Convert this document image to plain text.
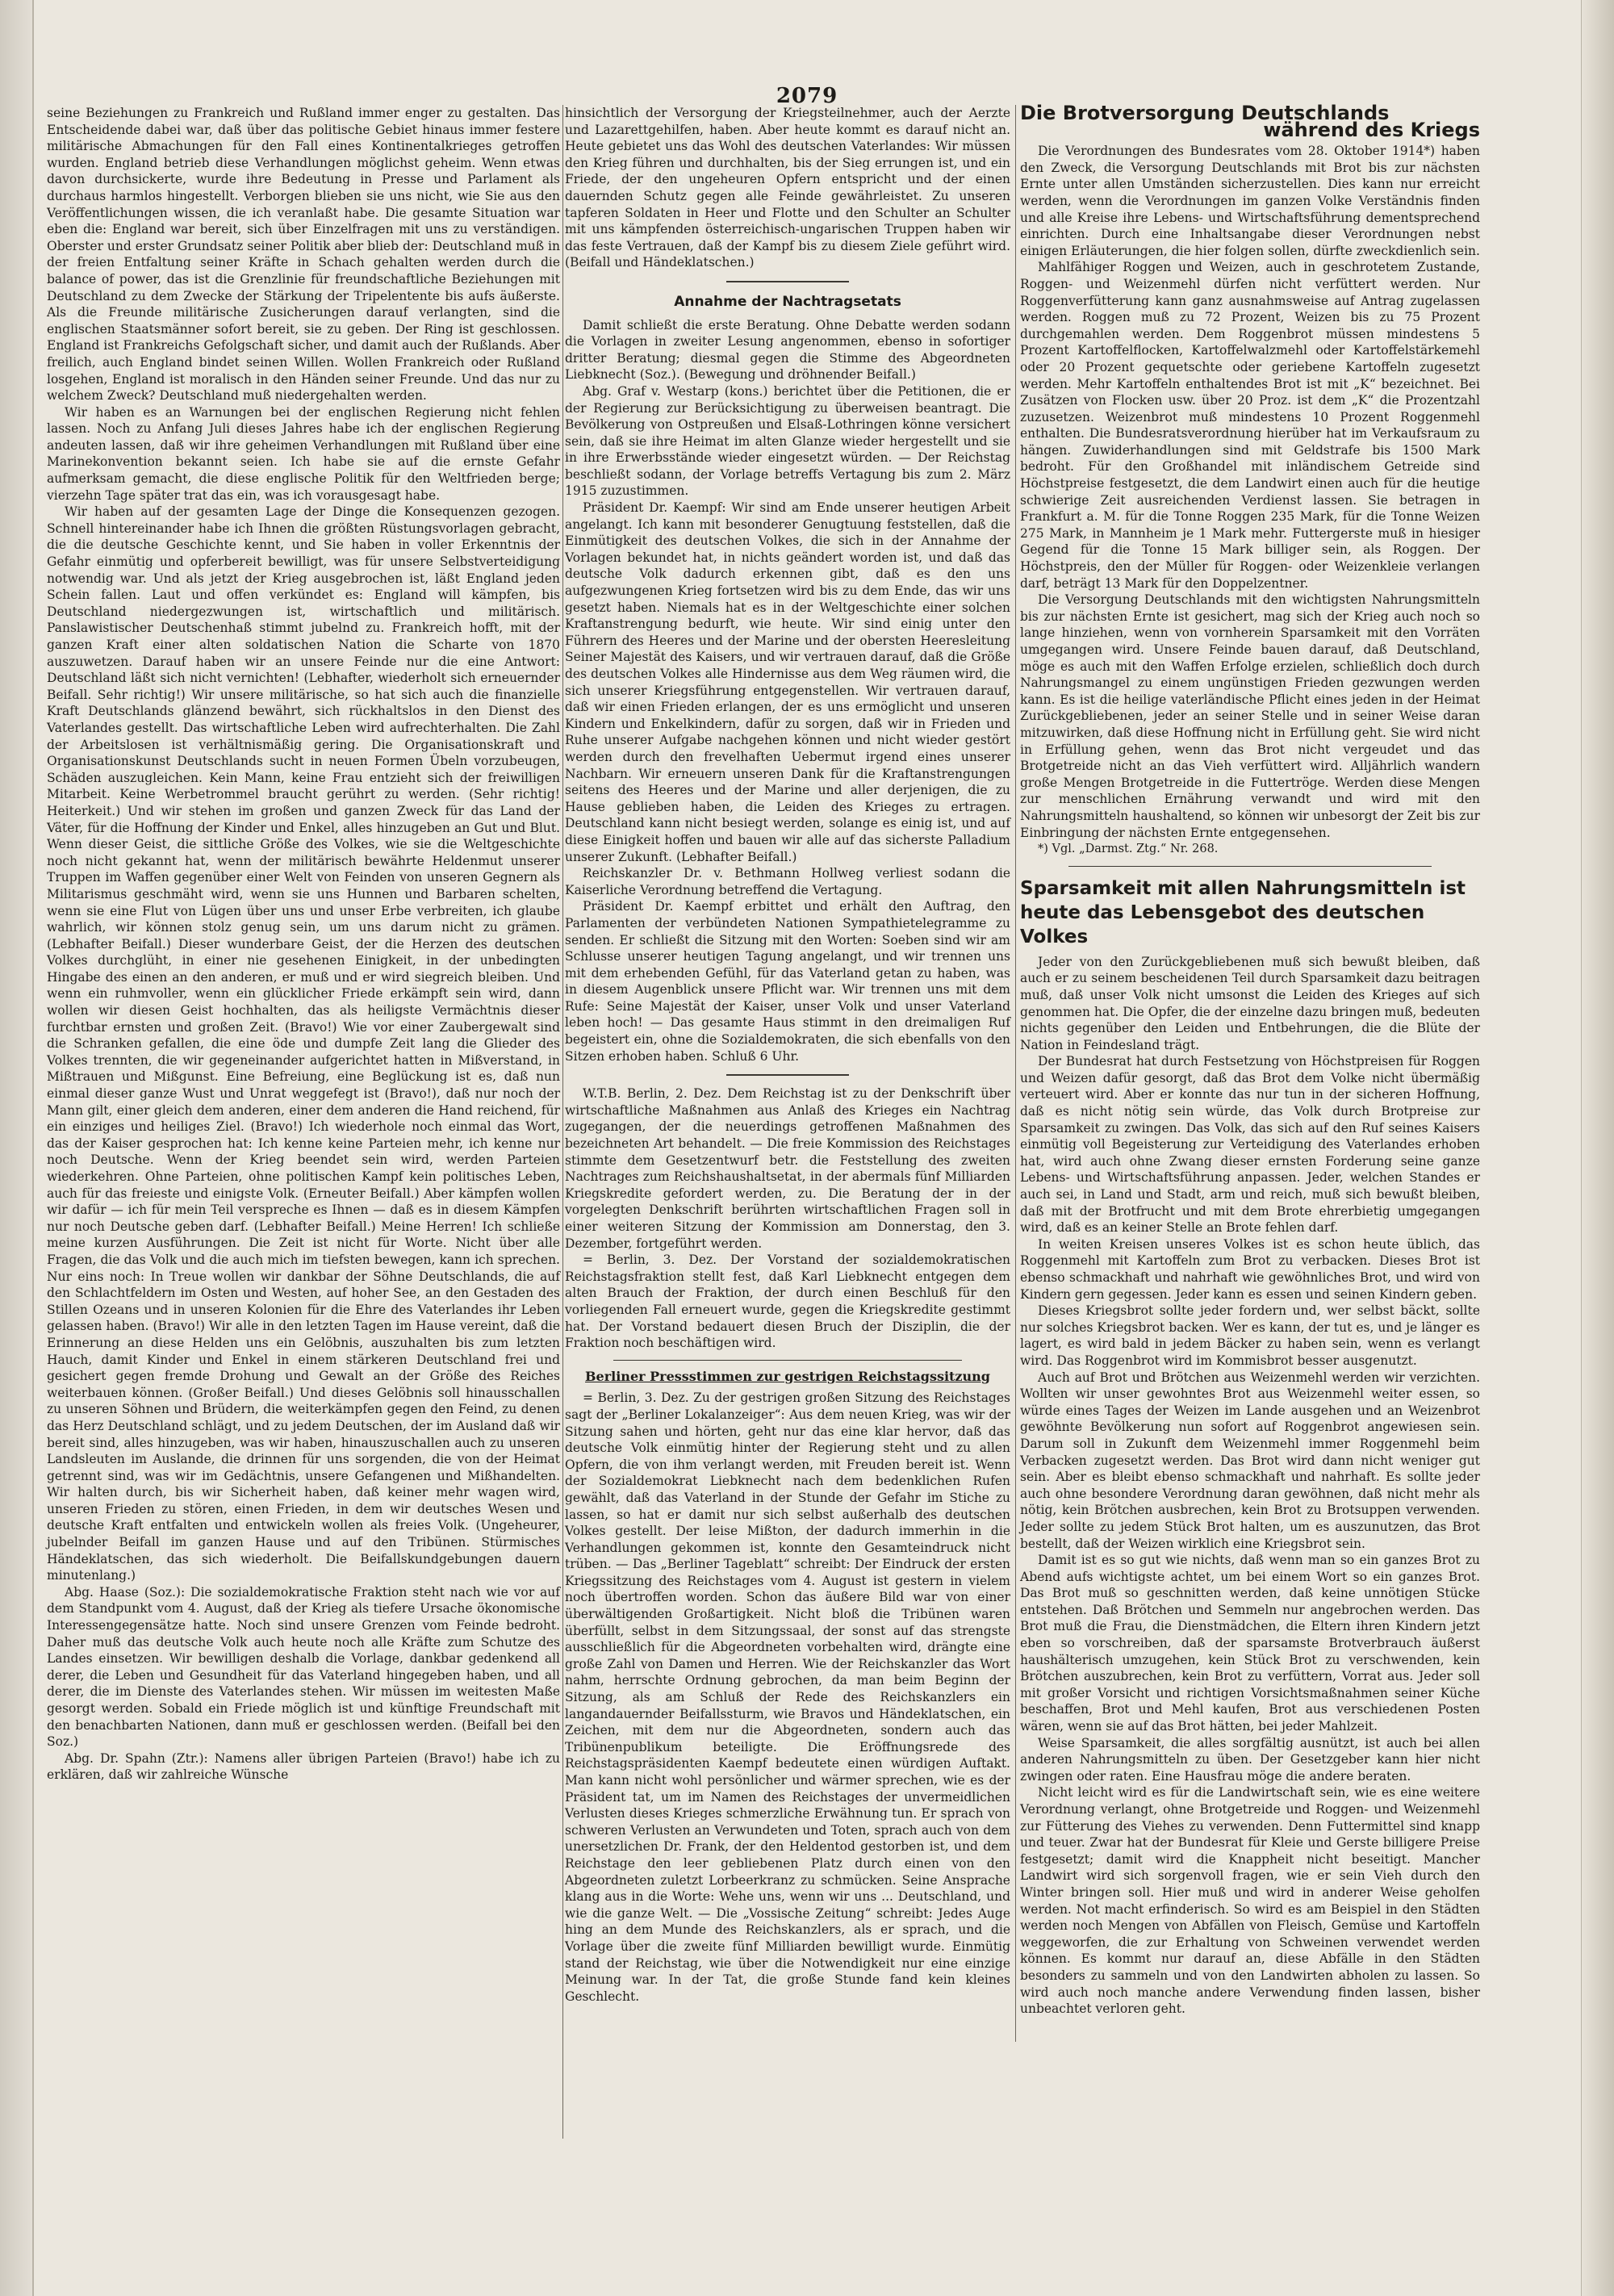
2079

seine Beziehungen zu Frankreich und Rußland immer enger zu gestalten. Das Entscheidende dabei war, daß über das politische Gebiet hinaus immer festere militärische Abmachungen für den Fall eines Kontinentalkrieges getroffen wurden. England betrieb diese Verhandlungen möglichst geheim. Wenn etwas davon durchsickerte, wurde ihre Bedeutung in Presse und Parlament als durchaus harmlos hingestellt. Verborgen blieben sie uns nicht, wie Sie aus den Veröffentlichungen wissen, die ich veranlaßt habe. Die gesamte Situation war eben die: England war bereit, sich über Einzelfragen mit uns zu verständigen. Oberster und erster Grundsatz seiner Politik aber blieb der: Deutschland muß in der freien Entfaltung seiner Kräfte in Schach gehalten werden durch die balance of power, das ist die Grenzlinie für freundschaftliche Beziehungen mit Deutschland zu dem Zwecke der Stärkung der Tripelentente bis aufs äußerste. Als die Freunde militärische Zusicherungen darauf verlangten, sind die englischen Staatsmänner sofort bereit, sie zu geben. Der Ring ist geschlossen. England ist Frankreichs Gefolgschaft sicher, und damit auch der Rußlands. Aber freilich, auch England bindet seinen Willen. Wollen Frankreich oder Rußland losgehen, England ist moralisch in den Händen seiner Freunde. Und das nur zu welchem Zweck? Deutschland muß niedergehalten werden.

Wir haben es an Warnungen bei der englischen Regierung nicht fehlen lassen. Noch zu Anfang Juli dieses Jahres habe ich der englischen Regierung andeuten lassen, daß wir ihre geheimen Verhandlungen mit Rußland über eine Marinekonvention bekannt seien. Ich habe sie auf die ernste Gefahr aufmerksam gemacht, die diese englische Politik für den Weltfrieden berge; vierzehn Tage später trat das ein, was ich vorausgesagt habe.

Wir haben auf der gesamten Lage der Dinge die Konsequenzen gezogen. Schnell hintereinander habe ich Ihnen die größten Rüstungsvorlagen gebracht, die die deutsche Geschichte kennt, und Sie haben in voller Erkenntnis der Gefahr einmütig und opferbereit bewilligt, was für unsere Selbstverteidigung notwendig war. Und als jetzt der Krieg ausgebrochen ist, läßt England jeden Schein fallen. Laut und offen verkündet es: England will kämpfen, bis Deutschland niedergezwungen ist, wirtschaftlich und militärisch. Panslawistischer Deutschenhaß stimmt jubelnd zu. Frankreich hofft, mit der ganzen Kraft einer alten soldatischen Nation die Scharte von 1870 auszuwetzen. Darauf haben wir an unsere Feinde nur die eine Antwort: Deutschland läßt sich nicht vernichten! (Lebhafter, wiederholt sich erneuernder Beifall. Sehr richtig!) Wir unsere militärische, so hat sich auch die finanzielle Kraft Deutschlands glänzend bewährt, sich rückhaltslos in den Dienst des Vaterlandes gestellt. Das wirtschaftliche Leben wird aufrechterhalten. Die Zahl der Arbeitslosen ist verhältnismäßig gering. Die Organisationskraft und Organisationskunst Deutschlands sucht in neuen Formen Übeln vorzubeugen, Schäden auszugleichen. Kein Mann, keine Frau entzieht sich der freiwilligen Mitarbeit. Keine Werbetrommel braucht gerührt zu werden. (Sehr richtig! Heiterkeit.) Und wir stehen im großen und ganzen Zweck für das Land der Väter, für die Hoffnung der Kinder und Enkel, alles hinzugeben an Gut und Blut. Wenn dieser Geist, die sittliche Größe des Volkes, wie sie die Weltgeschichte noch nicht gekannt hat, wenn der militärisch bewährte Heldenmut unserer Truppen im Waffen gegenüber einer Welt von Feinden von unseren Gegnern als Militarismus geschmäht wird, wenn sie uns Hunnen und Barbaren schelten, wenn sie eine Flut von Lügen über uns und unser Erbe verbreiten, ich glaube wahrlich, wir können stolz genug sein, um uns darum nicht zu grämen. (Lebhafter Beifall.) Dieser wunderbare Geist, der die Herzen des deutschen Volkes durchglüht, in einer nie gesehenen Einigkeit, in der unbedingten Hingabe des einen an den anderen, er muß und er wird siegreich bleiben. Und wenn ein ruhmvoller, wenn ein glücklicher Friede erkämpft sein wird, dann wollen wir diesen Geist hochhalten, das als heiligste Vermächtnis dieser furchtbar ernsten und großen Zeit. (Bravo!) Wie vor einer Zaubergewalt sind die Schranken gefallen, die eine öde und dumpfe Zeit lang die Glieder des Volkes trennten, die wir gegeneinander aufgerichtet hatten in Mißverstand, in Mißtrauen und Mißgunst. Eine Befreiung, eine Beglückung ist es, daß nun einmal dieser ganze Wust und Unrat weggefegt ist (Bravo!), daß nur noch der Mann gilt, einer gleich dem anderen, einer dem anderen die Hand reichend, für ein einziges und heiliges Ziel. (Bravo!) Ich wiederhole noch einmal das Wort, das der Kaiser gesprochen hat: Ich kenne keine Parteien mehr, ich kenne nur noch Deutsche. Wenn der Krieg beendet sein wird, werden Parteien wiederkehren. Ohne Parteien, ohne politischen Kampf kein politisches Leben, auch für das freieste und einigste Volk. (Erneuter Beifall.) Aber kämpfen wollen wir dafür — ich für mein Teil verspreche es Ihnen — daß es in diesem Kämpfen nur noch Deutsche geben darf. (Lebhafter Beifall.) Meine Herren! Ich schließe meine kurzen Ausführungen. Die Zeit ist nicht für Worte. Nicht über alle Fragen, die das Volk und die auch mich im tiefsten bewegen, kann ich sprechen. Nur eins noch: In Treue wollen wir dankbar der Söhne Deutschlands, die auf den Schlachtfeldern im Osten und Westen, auf hoher See, an den Gestaden des Stillen Ozeans und in unseren Kolonien für die Ehre des Vaterlandes ihr Leben gelassen haben. (Bravo!) Wir alle in den letzten Tagen im Hause vereint, daß die Erinnerung an diese Helden uns ein Gelöbnis, auszuhalten bis zum letzten Hauch, damit Kinder und Enkel in einem stärkeren Deutschland frei und gesichert gegen fremde Drohung und Gewalt an der Größe des Reiches weiterbauen können. (Großer Beifall.) Und dieses Gelöbnis soll hinausschallen zu unseren Söhnen und Brüdern, die weiterkämpfen gegen den Feind, zu denen das Herz Deutschland schlägt, und zu jedem Deutschen, der im Ausland daß wir bereit sind, alles hinzugeben, was wir haben, hinauszuschallen auch zu unseren Landsleuten im Auslande, die drinnen für uns sorgenden, die von der Heimat getrennt sind, was wir im Gedächtnis, unsere Gefangenen und Mißhandelten. Wir halten durch, bis wir Sicherheit haben, daß keiner mehr wagen wird, unseren Frieden zu stören, einen Frieden, in dem wir deutsches Wesen und deutsche Kraft entfalten und entwickeln wollen als freies Volk. (Ungeheurer, jubelnder Beifall im ganzen Hause und auf den Tribünen. Stürmisches Händeklatschen, das sich wiederholt. Die Beifallskundgebungen dauern minutenlang.)

Abg. Haase (Soz.): Die sozialdemokratische Fraktion steht nach wie vor auf dem Standpunkt vom 4. August, daß der Krieg als tiefere Ursache ökonomische Interessengegensätze hatte. Noch sind unsere Grenzen vom Feinde bedroht. Daher muß das deutsche Volk auch heute noch alle Kräfte zum Schutze des Landes einsetzen. Wir bewilligen deshalb die Vorlage, dankbar gedenkend all derer, die Leben und Gesundheit für das Vaterland hingegeben haben, und all derer, die im Dienste des Vaterlandes stehen. Wir müssen im weitesten Maße gesorgt werden. Sobald ein Friede möglich ist und künftige Freundschaft mit den benachbarten Nationen, dann muß er geschlossen werden. (Beifall bei den Soz.)

Abg. Dr. Spahn (Ztr.): Namens aller übrigen Parteien (Bravo!) habe ich zu erklären, daß wir zahlreiche Wünsche

hinsichtlich der Versorgung der Kriegsteilnehmer, auch der Aerzte und Lazarettgehilfen, haben. Aber heute kommt es darauf nicht an. Heute gebietet uns das Wohl des deutschen Vaterlandes: Wir müssen den Krieg führen und durchhalten, bis der Sieg errungen ist, und ein Friede, der den ungeheuren Opfern entspricht und der einen dauernden Schutz gegen alle Feinde gewährleistet. Zu unseren tapferen Soldaten in Heer und Flotte und den Schulter an Schulter mit uns kämpfenden österreichisch-ungarischen Truppen haben wir das feste Vertrauen, daß der Kampf bis zu diesem Ziele geführt wird. (Beifall und Händeklatschen.)

Annahme der Nachtragsetats

Damit schließt die erste Beratung. Ohne Debatte werden sodann die Vorlagen in zweiter Lesung angenommen, ebenso in sofortiger dritter Beratung; diesmal gegen die Stimme des Abgeordneten Liebknecht (Soz.). (Bewegung und dröhnender Beifall.)

Abg. Graf v. Westarp (kons.) berichtet über die Petitionen, die er der Regierung zur Berücksichtigung zu überweisen beantragt. Die Bevölkerung von Ostpreußen und Elsaß-Lothringen könne versichert sein, daß sie ihre Heimat im alten Glanze wieder hergestellt und sie in ihre Erwerbsstände wieder eingesetzt würden. — Der Reichstag beschließt sodann, der Vorlage betreffs Vertagung bis zum 2. März 1915 zuzustimmen.

Präsident Dr. Kaempf: Wir sind am Ende unserer heutigen Arbeit angelangt. Ich kann mit besonderer Genugtuung feststellen, daß die Einmütigkeit des deutschen Volkes, die sich in der Annahme der Vorlagen bekundet hat, in nichts geändert worden ist, und daß das deutsche Volk dadurch erkennen gibt, daß es den uns aufgezwungenen Krieg fortsetzen wird bis zu dem Ende, das wir uns gesetzt haben. Niemals hat es in der Weltgeschichte einer solchen Kraftanstrengung bedurft, wie heute. Wir sind einig unter den Führern des Heeres und der Marine und der obersten Heeresleitung Seiner Majestät des Kaisers, und wir vertrauen darauf, daß die Größe des deutschen Volkes alle Hindernisse aus dem Weg räumen wird, die sich unserer Kriegsführung entgegenstellen. Wir vertrauen darauf, daß wir einen Frieden erlangen, der es uns ermöglicht und unseren Kindern und Enkelkindern, dafür zu sorgen, daß wir in Frieden und Ruhe unserer Aufgabe nachgehen können und nicht wieder gestört werden durch den frevelhaften Uebermut irgend eines unserer Nachbarn. Wir erneuern unseren Dank für die Kraftanstrengungen seitens des Heeres und der Marine und aller derjenigen, die zu Hause geblieben haben, die Leiden des Krieges zu ertragen. Deutschland kann nicht besiegt werden, solange es einig ist, und auf diese Einigkeit hoffen und bauen wir alle auf das sicherste Palladium unserer Zukunft. (Lebhafter Beifall.)

Reichskanzler Dr. v. Bethmann Hollweg verliest sodann die Kaiserliche Verordnung betreffend die Vertagung.

Präsident Dr. Kaempf erbittet und erhält den Auftrag, den Parlamenten der verbündeten Nationen Sympathietelegramme zu senden. Er schließt die Sitzung mit den Worten: Soeben sind wir am Schlusse unserer heutigen Tagung angelangt, und wir trennen uns mit dem erhebenden Gefühl, für das Vaterland getan zu haben, was in diesem Augenblick unsere Pflicht war. Wir trennen uns mit dem Rufe: Seine Majestät der Kaiser, unser Volk und unser Vaterland leben hoch! — Das gesamte Haus stimmt in den dreimaligen Ruf begeistert ein, ohne die Sozialdemokraten, die sich ebenfalls von den Sitzen erhoben haben. Schluß 6 Uhr.

W.T.B. Berlin, 2. Dez. Dem Reichstag ist zu der Denkschrift über wirtschaftliche Maßnahmen aus Anlaß des Krieges ein Nachtrag zugegangen, der die neuerdings getroffenen Maßnahmen des bezeichneten Art behandelt. — Die freie Kommission des Reichstages stimmte dem Gesetzentwurf betr. die Feststellung des zweiten Nachtrages zum Reichshaushaltsetat, in der abermals fünf Milliarden Kriegskredite gefordert werden, zu. Die Beratung der in der vorgelegten Denkschrift berührten wirtschaftlichen Fragen soll in einer weiteren Sitzung der Kommission am Donnerstag, den 3. Dezember, fortgeführt werden.

= Berlin, 3. Dez. Der Vorstand der sozialdemokratischen Reichstagsfraktion stellt fest, daß Karl Liebknecht entgegen dem alten Brauch der Fraktion, der durch einen Beschluß für den vorliegenden Fall erneuert wurde, gegen die Kriegskredite gestimmt hat. Der Vorstand bedauert diesen Bruch der Disziplin, die der Fraktion noch beschäftigen wird.

Berliner Pressstimmen zur gestrigen Reichstagssitzung

= Berlin, 3. Dez. Zu der gestrigen großen Sitzung des Reichstages sagt der „Berliner Lokalanzeiger“: Aus dem neuen Krieg, was wir der Sitzung sahen und hörten, geht nur das eine klar hervor, daß das deutsche Volk einmütig hinter der Regierung steht und zu allen Opfern, die von ihm verlangt werden, mit Freuden bereit ist. Wenn der Sozialdemokrat Liebknecht nach dem bedenklichen Rufen gewählt, daß das Vaterland in der Stunde der Gefahr im Stiche zu lassen, so hat er damit nur sich selbst außerhalb des deutschen Volkes gestellt. Der leise Mißton, der dadurch immerhin in die Verhandlungen gekommen ist, konnte den Gesamteindruck nicht trüben. — Das „Berliner Tageblatt“ schreibt: Der Eindruck der ersten Kriegssitzung des Reichstages vom 4. August ist gestern in vielem noch übertroffen worden. Schon das äußere Bild war von einer überwältigenden Großartigkeit. Nicht bloß die Tribünen waren überfüllt, selbst in dem Sitzungssaal, der sonst auf das strengste ausschließlich für die Abgeordneten vorbehalten wird, drängte eine große Zahl von Damen und Herren. Wie der Reichskanzler das Wort nahm, herrschte Ordnung gebrochen, da man beim Beginn der Sitzung, als am Schluß der Rede des Reichskanzlers ein langandauernder Beifallssturm, wie Bravos und Händeklatschen, ein Zeichen, mit dem nur die Abgeordneten, sondern auch das Tribünenpublikum beteiligte. Die Eröffnungsrede des Reichstagspräsidenten Kaempf bedeutete einen würdigen Auftakt. Man kann nicht wohl persönlicher und wärmer sprechen, wie es der Präsident tat, um im Namen des Reichstages der unvermeidlichen Verlusten dieses Krieges schmerzliche Erwähnung tun. Er sprach von schweren Verlusten an Verwundeten und Toten, sprach auch von dem unersetzlichen Dr. Frank, der den Heldentod gestorben ist, und dem Reichstage den leer gebliebenen Platz durch einen von den Abgeordneten zuletzt Lorbeerkranz zu schmücken. Seine Ansprache klang aus in die Worte: Wehe uns, wenn wir uns ... Deutschland, und wie die ganze Welt. — Die „Vossische Zeitung“ schreibt: Jedes Auge hing an dem Munde des Reichskanzlers, als er sprach, und die Vorlage über die zweite fünf Milliarden bewilligt wurde. Einmütig stand der Reichstag, wie über die Notwendigkeit nur eine einzige Meinung war. In der Tat, die große Stunde fand kein kleines Geschlecht.

Die Brotversorgung Deutschlands
während des Kriegs

Die Verordnungen des Bundesrates vom 28. Oktober 1914*) haben den Zweck, die Versorgung Deutschlands mit Brot bis zur nächsten Ernte unter allen Umständen sicherzustellen. Dies kann nur erreicht werden, wenn die Verordnungen im ganzen Volke Verständnis finden und alle Kreise ihre Lebens- und Wirtschaftsführung dementsprechend einrichten. Durch eine Inhaltsangabe dieser Verordnungen nebst einigen Erläuterungen, die hier folgen sollen, dürfte zweckdienlich sein.

Mahlfähiger Roggen und Weizen, auch in geschrotetem Zustande, Roggen- und Weizenmehl dürfen nicht verfüttert werden. Nur Roggenverfütterung kann ganz ausnahmsweise auf Antrag zugelassen werden. Roggen muß zu 72 Prozent, Weizen bis zu 75 Prozent durchgemahlen werden. Dem Roggenbrot müssen mindestens 5 Prozent Kartoffelflocken, Kartoffelwalzmehl oder Kartoffelstärkemehl oder 20 Prozent gequetschte oder geriebene Kartoffeln zugesetzt werden. Mehr Kartoffeln enthaltendes Brot ist mit „K“ bezeichnet. Bei Zusätzen von Flocken usw. über 20 Proz. ist dem „K“ die Prozentzahl zuzusetzen. Weizenbrot muß mindestens 10 Prozent Roggenmehl enthalten. Die Bundesratsverordnung hierüber hat im Verkaufsraum zu hängen. Zuwiderhandlungen sind mit Geldstrafe bis 1500 Mark bedroht. Für den Großhandel mit inländischem Getreide sind Höchstpreise festgesetzt, die dem Landwirt einen auch für die heutige schwierige Zeit ausreichenden Verdienst lassen. Sie betragen in Frankfurt a. M. für die Tonne Roggen 235 Mark, für die Tonne Weizen 275 Mark, in Mannheim je 1 Mark mehr. Futtergerste muß in hiesiger Gegend für die Tonne 15 Mark billiger sein, als Roggen. Der Höchstpreis, den der Müller für Roggen- oder Weizenkleie verlangen darf, beträgt 13 Mark für den Doppelzentner.

Die Versorgung Deutschlands mit den wichtigsten Nahrungsmitteln bis zur nächsten Ernte ist gesichert, mag sich der Krieg auch noch so lange hinziehen, wenn von vornherein Sparsamkeit mit den Vorräten umgegangen wird. Unsere Feinde bauen darauf, daß Deutschland, möge es auch mit den Waffen Erfolge erzielen, schließlich doch durch Nahrungsmangel zu einem ungünstigen Frieden gezwungen werden kann. Es ist die heilige vaterländische Pflicht eines jeden in der Heimat Zurückgebliebenen, jeder an seiner Stelle und in seiner Weise daran mitzuwirken, daß diese Hoffnung nicht in Erfüllung geht. Sie wird nicht in Erfüllung gehen, wenn das Brot nicht vergeudet und das Brotgetreide nicht an das Vieh verfüttert wird. Alljährlich wandern große Mengen Brotgetreide in die Futtertröge. Werden diese Mengen zur menschlichen Ernährung verwandt und wird mit den Nahrungsmitteln haushaltend, so können wir unbesorgt der Zeit bis zur Einbringung der nächsten Ernte entgegensehen.

*) Vgl. „Darmst. Ztg.“ Nr. 268.

Sparsamkeit mit allen Nahrungsmitteln ist heute das Lebensgebot des deutschen Volkes

Jeder von den Zurückgebliebenen muß sich bewußt bleiben, daß auch er zu seinem bescheidenen Teil durch Sparsamkeit dazu beitragen muß, daß unser Volk nicht umsonst die Leiden des Krieges auf sich genommen hat. Die Opfer, die der einzelne dazu bringen muß, bedeuten nichts gegenüber den Leiden und Entbehrungen, die die Blüte der Nation in Feindesland trägt.

Der Bundesrat hat durch Festsetzung von Höchstpreisen für Roggen und Weizen dafür gesorgt, daß das Brot dem Volke nicht übermäßig verteuert wird. Aber er konnte das nur tun in der sicheren Hoffnung, daß es nicht nötig sein würde, das Volk durch Brotpreise zur Sparsamkeit zu zwingen. Das Volk, das sich auf den Ruf seines Kaisers einmütig voll Begeisterung zur Verteidigung des Vaterlandes erhoben hat, wird auch ohne Zwang dieser ernsten Forderung seine ganze Lebens- und Wirtschaftsführung anpassen. Jeder, welchen Standes er auch sei, in Land und Stadt, arm und reich, muß sich bewußt bleiben, daß mit der Brotfrucht und mit dem Brote ehrerbietig umgegangen wird, daß es an keiner Stelle an Brote fehlen darf.

In weiten Kreisen unseres Volkes ist es schon heute üblich, das Roggenmehl mit Kartoffeln zum Brot zu verbacken. Dieses Brot ist ebenso schmackhaft und nahrhaft wie gewöhnliches Brot, und wird von Kindern gern gegessen. Jeder kann es essen und seinen Kindern geben.

Dieses Kriegsbrot sollte jeder fordern und, wer selbst bäckt, sollte nur solches Kriegsbrot backen. Wer es kann, der tut es, und je länger es lagert, es wird bald in jedem Bäcker zu haben sein, wenn es verlangt wird. Das Roggenbrot wird im Kommisbrot besser ausgenutzt.

Auch auf Brot und Brötchen aus Weizenmehl werden wir verzichten. Wollten wir unser gewohntes Brot aus Weizenmehl weiter essen, so würde eines Tages der Weizen im Lande ausgehen und an Weizenbrot gewöhnte Bevölkerung nun sofort auf Roggenbrot angewiesen sein. Darum soll in Zukunft dem Weizenmehl immer Roggenmehl beim Verbacken zugesetzt werden. Das Brot wird dann nicht weniger gut sein. Aber es bleibt ebenso schmackhaft und nahrhaft. Es sollte jeder auch ohne besondere Verordnung daran gewöhnen, daß nicht mehr als nötig, kein Brötchen ausbrechen, kein Brot zu Brotsuppen verwenden. Jeder sollte zu jedem Stück Brot halten, um es auszunutzen, das Brot bestellt, daß der Weizen wirklich eine Kriegsbrot sein.

Damit ist es so gut wie nichts, daß wenn man so ein ganzes Brot zu Abend aufs wichtigste achtet, um bei einem Wort so ein ganzes Brot. Das Brot muß so geschnitten werden, daß keine unnötigen Stücke entstehen. Daß Brötchen und Semmeln nur angebrochen werden. Das Brot muß die Frau, die Dienstmädchen, die Eltern ihren Kindern jetzt eben so vorschreiben, daß der sparsamste Brotverbrauch äußerst haushälterisch umzugehen, kein Stück Brot zu verschwenden, kein Brötchen auszubrechen, kein Brot zu verfüttern, Vorrat aus. Jeder soll mit großer Vorsicht und richtigen Vorsichtsmaßnahmen seiner Küche beschaffen, Brot und Mehl kaufen, Brot aus verschiedenen Posten wären, wenn sie auf das Brot hätten, bei jeder Mahlzeit.

Weise Sparsamkeit, die alles sorgfältig ausnützt, ist auch bei allen anderen Nahrungsmitteln zu üben. Der Gesetzgeber kann hier nicht zwingen oder raten. Eine Hausfrau möge die andere beraten.

Nicht leicht wird es für die Landwirtschaft sein, wie es eine weitere Verordnung verlangt, ohne Brotgetreide und Roggen- und Weizenmehl zur Fütterung des Viehes zu verwenden. Denn Futtermittel sind knapp und teuer. Zwar hat der Bundesrat für Kleie und Gerste billigere Preise festgesetzt; damit wird die Knappheit nicht beseitigt. Mancher Landwirt wird sich sorgenvoll fragen, wie er sein Vieh durch den Winter bringen soll. Hier muß und wird in anderer Weise geholfen werden. Not macht erfinderisch. So wird es am Beispiel in den Städten werden noch Mengen von Abfällen von Fleisch, Gemüse und Kartoffeln weggeworfen, die zur Erhaltung von Schweinen verwendet werden können. Es kommt nur darauf an, diese Abfälle in den Städten besonders zu sammeln und von den Landwirten abholen zu lassen. So wird auch noch manche andere Verwendung finden lassen, bisher unbeachtet verloren geht.
